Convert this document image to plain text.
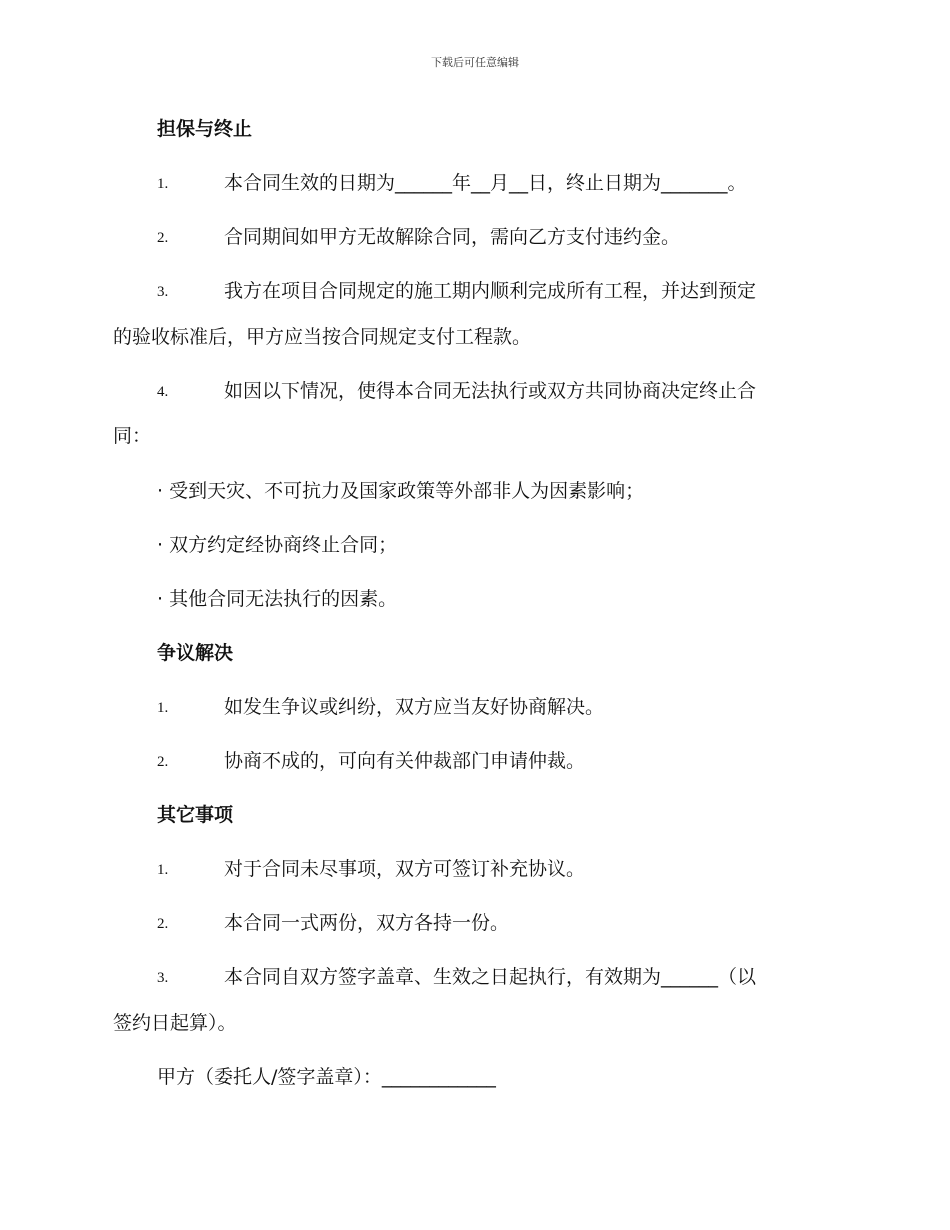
下载后可任意编辑
担保与终止
1.	本合同生效的日期为______年__月__日，终止日期为_______。
2.	合同期间如甲方无故解除合同，需向乙方支付违约金。
3.	我方在项目合同规定的施工期内顺利完成所有工程，并达到预定
的验收标准后，甲方应当按合同规定支付工程款。
4.	如因以下情况，使得本合同无法执行或双方共同协商决定终止合
同：
· 受到天灾、不可抗力及国家政策等外部非人为因素影响；
· 双方约定经协商终止合同；
· 其他合同无法执行的因素。
争议解决
1.	如发生争议或纠纷，双方应当友好协商解决。
2.	协商不成的，可向有关仲裁部门申请仲裁。
其它事项
1.	对于合同未尽事项，双方可签订补充协议。
2.	本合同一式两份，双方各持一份。
3.	本合同自双方签字盖章、生效之日起执行，有效期为______（以
签约日起算）。
甲方（委托人/签字盖章）：____________
